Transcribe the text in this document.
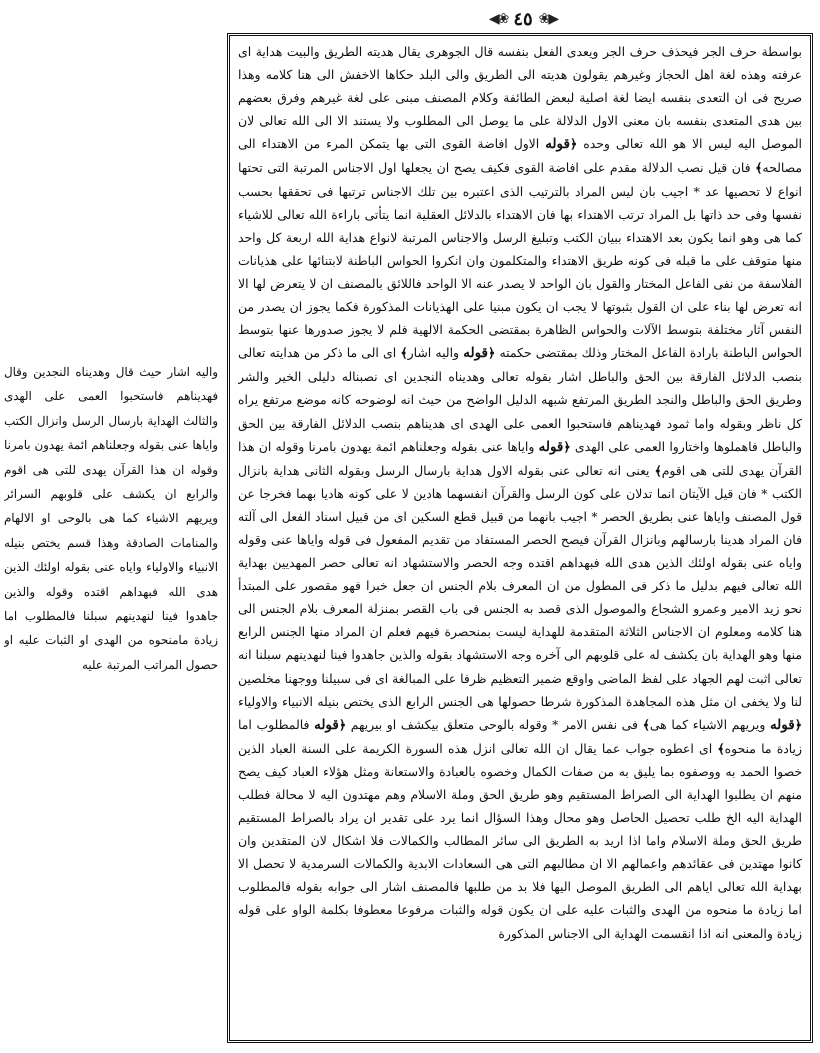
◀❀ ٤٥ ❀▶

واليه اشار حيث قال وهديناه النجدين وقال فهديناهم فاستحبوا العمى على الهدى والثالث الهداية بارسال الرسل وانزال الكتب واياها عنى بقوله وجعلناهم ائمة يهدون بامرنا وقوله ان هذا القرآن يهدى للتى هى اقوم والرابع ان يكشف على قلوبهم السرائر ويريهم الاشياء كما هى بالوحى او الالهام والمنامات الصادقة وهذا قسم يختص بنيله الانبياء والاولياء واياه عنى بقوله اولئك الذين هدى الله فبهداهم اقتده وقوله والذين جاهدوا فينا لنهدينهم سبلنا فالمطلوب اما زيادة مامنحوه من الهدى او الثبات عليه او حصول المراتب المرتبة عليه

بواسطة حرف الجر فيحذف حرف الجر ويعدى الفعل بنفسه قال الجوهرى يقال هديته الطريق والبيت هداية اى عرفته وهذه لغة اهل الحجاز وغيرهم يقولون هديته الى الطريق والى البلد حكاها الاخفش الى هنا كلامه وهذا صريح فى ان التعدى بنفسه ايضا لغة اصلية لبعض الطائفة وكلام المصنف مبنى على لغة غيرهم وفرق بعضهم بين هدى المتعدى بنفسه بان معنى الاول الدلالة على ما يوصل الى المطلوب ولا يستند الا الى الله تعالى لان الموصل اليه ليس الا هو الله تعالى وحده ﴿قوله الاول افاضة القوى التى بها يتمكن المرء من الاهتداء الى مصالحه﴾ فان قيل نصب الدلالة مقدم على افاضة القوى فكيف يصح ان يجعلها اول الاجناس المرتبة التى تحتها انواع لا تحصيها عد * اجيب بان ليس المراد بالترتيب الذى اعتبره بين تلك الاجناس ترتبها فى تحققها بحسب نفسها وفى حد ذاتها بل المراد ترتب الاهتداء بها فان الاهتداء بالدلائل العقلية انما يتأتى باراءة الله تعالى للاشياء كما هى وهو انما يكون بعد الاهتداء ببيان الكتب وتبليغ الرسل والاجناس المرتبة لانواع هداية الله اربعة كل واحد منها متوقف على ما قبله فى كونه طريق الاهتداء والمتكلمون وان انكروا الحواس الباطنة لابتنائها على هذيانات الفلاسفة من نفى الفاعل المختار والقول بان الواحد لا يصدر عنه الا الواحد فاللائق بالمصنف ان لا يتعرض لها الا انه تعرض لها بناء على ان القول بثبوتها لا يجب ان يكون مبنيا على الهذيانات المذكورة فكما يجوز ان يصدر من النفس آثار مختلفة بتوسط الآلات والحواس الظاهرة بمقتضى الحكمة الالهية فلم لا يجوز صدورها عنها بتوسط الحواس الباطنة بارادة الفاعل المختار وذلك بمقتضى حكمته ﴿قوله واليه اشار﴾ اى الى ما ذكر من هدايته تعالى بنصب الدلائل الفارقة بين الحق والباطل اشار بقوله تعالى وهديناه النجدين اى نصبناله دليلى الخير والشر وطريق الحق والباطل والنجد الطريق المرتفع شبهه الدليل الواضح من حيث انه لوضوحه كانه موضع مرتفع يراه كل ناظر وبقوله واما ثمود فهديناهم فاستحبوا العمى على الهدى اى هديناهم بنصب الدلائل الفارقة بين الحق والباطل فاهملوها واختاروا العمى على الهدى ﴿قوله واياها عنى بقوله وجعلناهم ائمة يهدون بامرنا وقوله ان هذا القرآن يهدى للتى هى اقوم﴾ يعنى انه تعالى عنى بقوله الاول هداية بارسال الرسل وبقوله الثانى هداية بانزال الكتب * فان قيل الآيتان انما تدلان على كون الرسل والقرآن انفسهما هادين لا على كونه هاديا بهما فخرجا عن قول المصنف واياها عنى بطريق الحصر * اجيب بانهما من قبيل قطع السكين اى من قبيل اسناد الفعل الى آلته فان المراد هدينا بارسالهم وبانزال القرآن فيصح الحصر المستفاد من تقديم المفعول فى قوله واياها عنى وقوله واياه عنى بقوله اولئك الذين هدى الله فبهداهم اقتده وجه الحصر والاستشهاد انه تعالى حصر المهديين بهداية الله تعالى فيهم بدليل ما ذكر فى المطول من ان المعرف بلام الجنس ان جعل خبرا فهو مقصور على المبتدأ نحو زيد الامير وعمرو الشجاع والموصول الذى قصد به الجنس فى باب القصر بمنزلة المعرف بلام الجنس الى هنا كلامه ومعلوم ان الاجناس الثلاثة المتقدمة للهداية ليست بمنحصرة فيهم فعلم ان المراد منها الجنس الرابع منها وهو الهداية بان يكشف له على قلوبهم الى آخره وجه الاستشهاد بقوله والذين جاهدوا فينا لنهدينهم سبلنا انه تعالى اثبت لهم الجهاد على لفظ الماضى واوقع ضمير التعظيم ظرفا على المبالغة اى فى سبيلنا ووجهنا مخلصين لنا ولا يخفى ان مثل هذه المجاهدة المذكورة شرطا حصولها هى الجنس الرابع الذى يختص بنيله الانبياء والاولياء ﴿قوله ويريهم الاشياء كما هى﴾ فى نفس الامر * وقوله بالوحى متعلق بيكشف او بيريهم ﴿قوله فالمطلوب اما زيادة ما منحوه﴾ اى اعطوه جواب عما يقال ان الله تعالى انزل هذه السورة الكريمة على السنة العباد الذين خصوا الحمد به ووصفوه بما يليق به من صفات الكمال وخصوه بالعبادة والاستعانة ومثل هؤلاء العباد كيف يصح منهم ان يطلبوا الهداية الى الصراط المستقيم وهو طريق الحق وملة الاسلام وهم مهتدون اليه لا محالة فطلب الهداية اليه الخ طلب تحصيل الحاصل وهو محال وهذا السؤال انما يرد على تقدير ان يراد بالصراط المستقيم طريق الحق وملة الاسلام واما اذا اريد به الطريق الى سائر المطالب والكمالات فلا اشكال لان المتقدين وان كانوا مهتدين فى عقائدهم واعمالهم الا ان مطالبهم التى هى السعادات الابدية والكمالات السرمدية لا تحصل الا بهداية الله تعالى اياهم الى الطريق الموصل اليها فلا بد من طلبها فالمصنف اشار الى جوابه بقوله فالمطلوب اما زيادة ما منحوه من الهدى والثبات عليه على ان يكون قوله والثبات مرفوعا معطوفا بكلمة الواو على قوله زيادة والمعنى انه اذا انقسمت الهداية الى الاجناس المذكورة
